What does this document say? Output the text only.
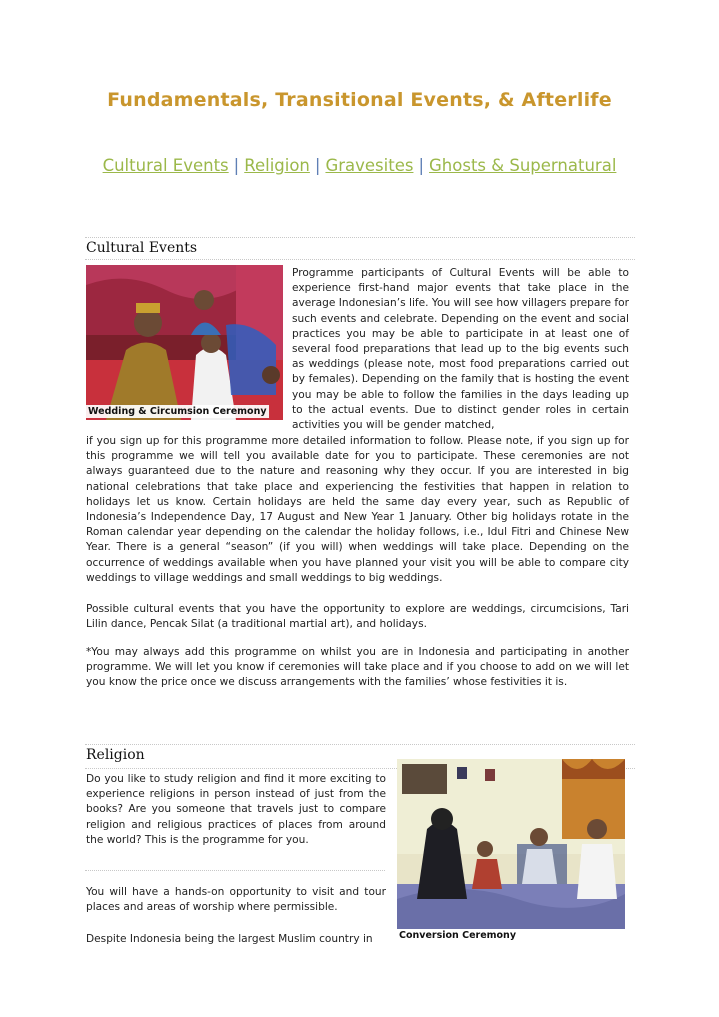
Fundamentals, Transitional Events, & Afterlife
Cultural Events | Religion | Gravesites | Ghosts & Supernatural
Cultural Events
Wedding & Circumsion Ceremony
Programme participants of Cultural Events will be able to experience first-hand major events that take place in the average Indonesian’s life. You will see how villagers prepare for such events and celebrate. Depending on the event and social practices you may be able to participate in at least one of several food preparations that lead up to the big events such as weddings (please note, most food preparations carried out by females). Depending on the family that is hosting the event you may be able to follow the families in the days leading up to the actual events. Due to distinct gender roles in certain activities you will be gender matched,
if you sign up for this programme more detailed information to follow. Please note, if you sign up for this programme we will tell you available date for you to participate. These ceremonies are not always guaranteed due to the nature and reasoning why they occur. If you are interested in big national celebrations that take place and experiencing the festivities that happen in relation to holidays let us know. Certain holidays are held the same day every year, such as Republic of Indonesia’s Independence Day, 17 August and New Year 1 January. Other big holidays rotate in the Roman calendar year depending on the calendar the holiday follows, i.e., Idul Fitri and Chinese New Year. There is a general “season” (if you will) when weddings will take place. Depending on the occurrence of weddings available when you have planned your visit you will be able to compare city weddings to village weddings and small weddings to big weddings.
Possible cultural events that you have the opportunity to explore are weddings, circumcisions, Tari Lilin dance, Pencak Silat (a traditional martial art), and holidays.
*You may always add this programme on whilst you are in Indonesia and participating in another programme. We will let you know if ceremonies will take place and if you choose to add on we will let you know the price once we discuss arrangements with the families’ whose festivities it is.
Religion
Do you like to study religion and find it more exciting to experience religions in person instead of just from the books? Are you someone that travels just to compare religion and religious practices of places from around the world? This is the programme for you.
You will have a hands-on opportunity to visit and tour places and areas of worship where permissible.
Despite Indonesia being the largest Muslim country in	Conversion Ceremony
